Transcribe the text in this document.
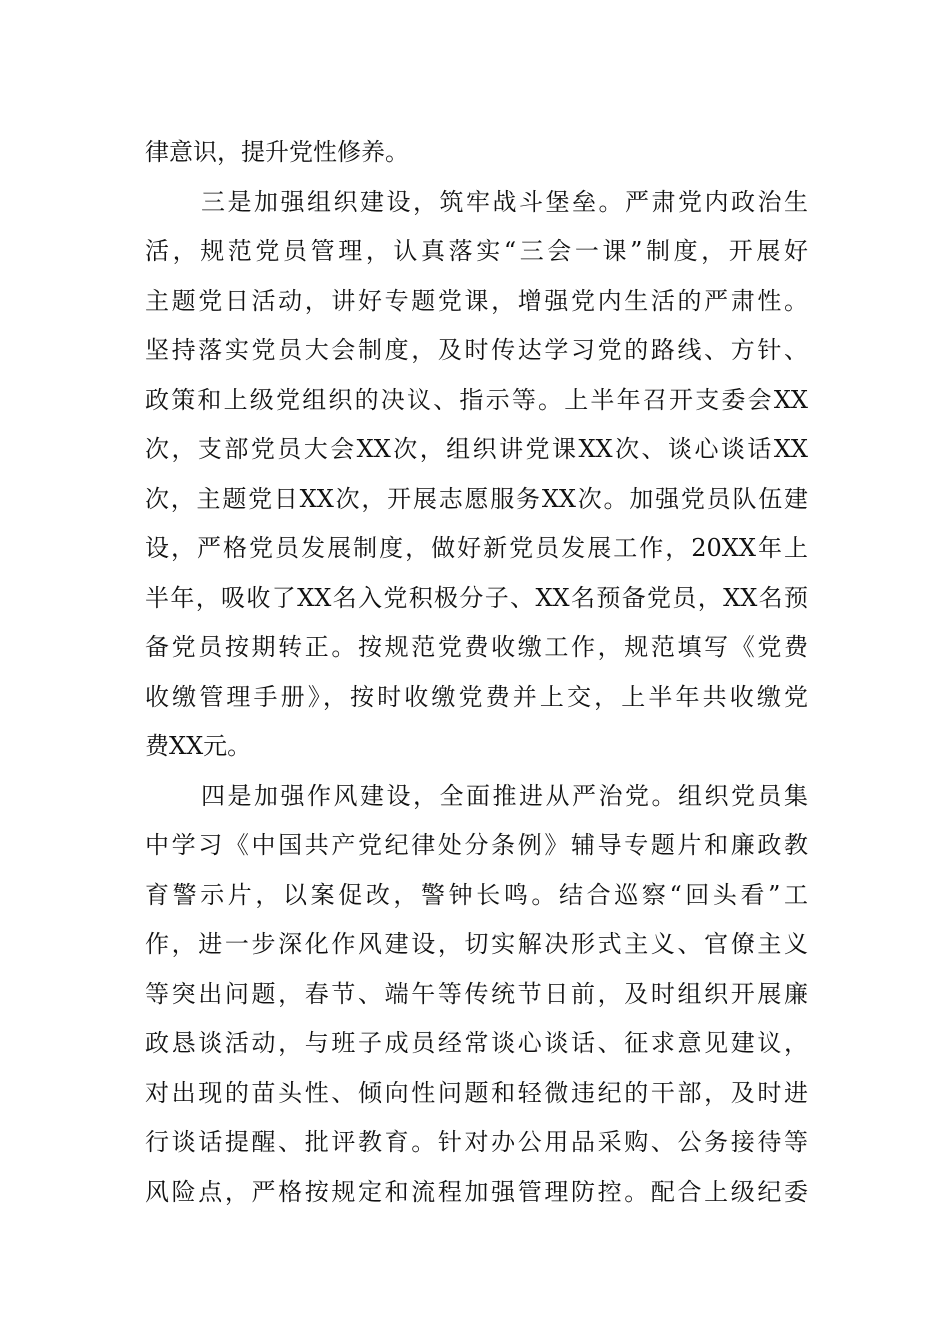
律意识，提升党性修养。
三是加强组织建设，筑牢战斗堡垒。严肃党内政治生
活，规范党员管理，认真落实“三会一课”制度，开展好
主题党日活动，讲好专题党课，增强党内生活的严肃性。
坚持落实党员大会制度，及时传达学习党的路线、方针、
政策和上级党组织的决议、指示等。上半年召开支委会XX
次，支部党员大会XX次，组织讲党课XX次、谈心谈话XX
次，主题党日XX次，开展志愿服务XX次。加强党员队伍建
设，严格党员发展制度，做好新党员发展工作，20XX年上
半年，吸收了XX名入党积极分子、XX名预备党员，XX名预
备党员按期转正。按规范党费收缴工作，规范填写《党费
收缴管理手册》，按时收缴党费并上交，上半年共收缴党
费XX元。
四是加强作风建设，全面推进从严治党。组织党员集
中学习《中国共产党纪律处分条例》辅导专题片和廉政教
育警示片，以案促改，警钟长鸣。结合巡察“回头看”工
作，进一步深化作风建设，切实解决形式主义、官僚主义
等突出问题，春节、端午等传统节日前，及时组织开展廉
政恳谈活动，与班子成员经常谈心谈话、征求意见建议，
对出现的苗头性、倾向性问题和轻微违纪的干部，及时进
行谈话提醒、批评教育。针对办公用品采购、公务接待等
风险点，严格按规定和流程加强管理防控。配合上级纪委
